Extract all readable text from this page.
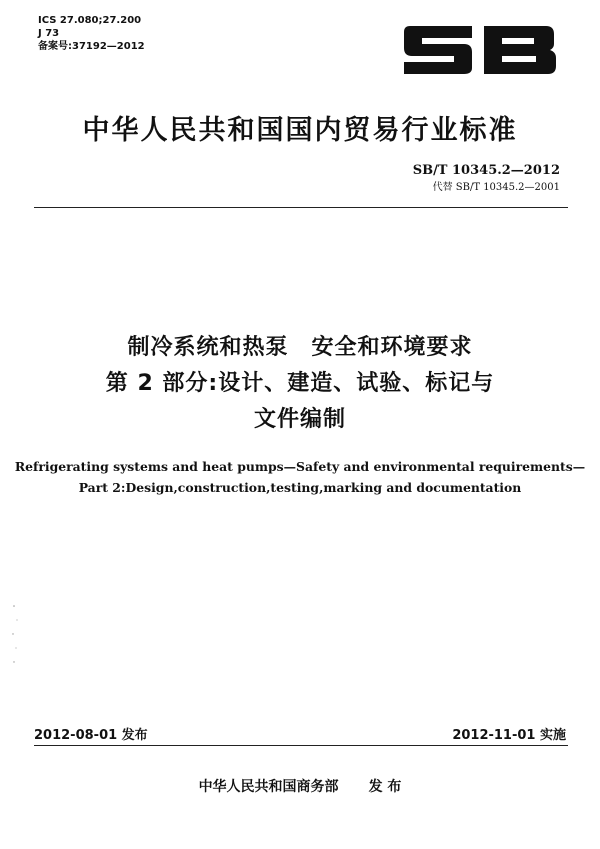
ICS 27.080;27.200
J 73
备案号:37192—2012
中华人民共和国国内贸易行业标准
SB/T 10345.2—2012
代替 SB/T 10345.2—2001
制冷系统和热泵　安全和环境要求
第 2 部分:设计、建造、试验、标记与
文件编制
Refrigerating systems and heat pumps—Safety and environmental requirements—
Part 2:Design,construction,testing,marking and documentation
2012-08-01 发布	2012-11-01 实施
中华人民共和国商务部 发 布
